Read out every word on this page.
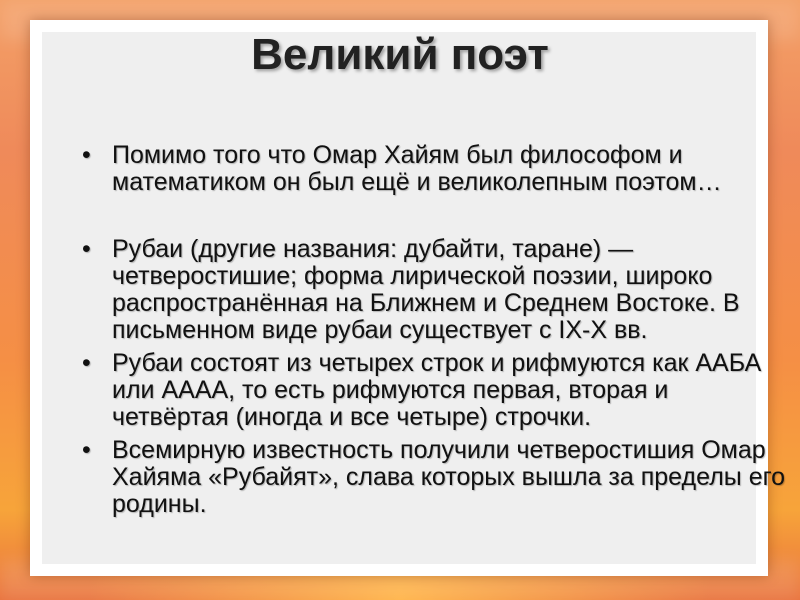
Великий поэт
• Помимо того что Омар Хайям был философом и математиком он был ещё и великолепным поэтом…
• Рубаи (другие названия: дубайти, таране) — четверостишие; форма лирической поэзии, широко распространённая на Ближнем и Среднем Востоке. В письменном виде рубаи существует с IX-X вв.
• Рубаи состоят из четырех строк и рифмуются как ААБА или АААА, то есть рифмуются первая, вторая и четвёртая (иногда и все четыре) строчки.
• Всемирную известность получили четверостишия Омар Хайяма «Рубайят», слава которых вышла за пределы его родины.
